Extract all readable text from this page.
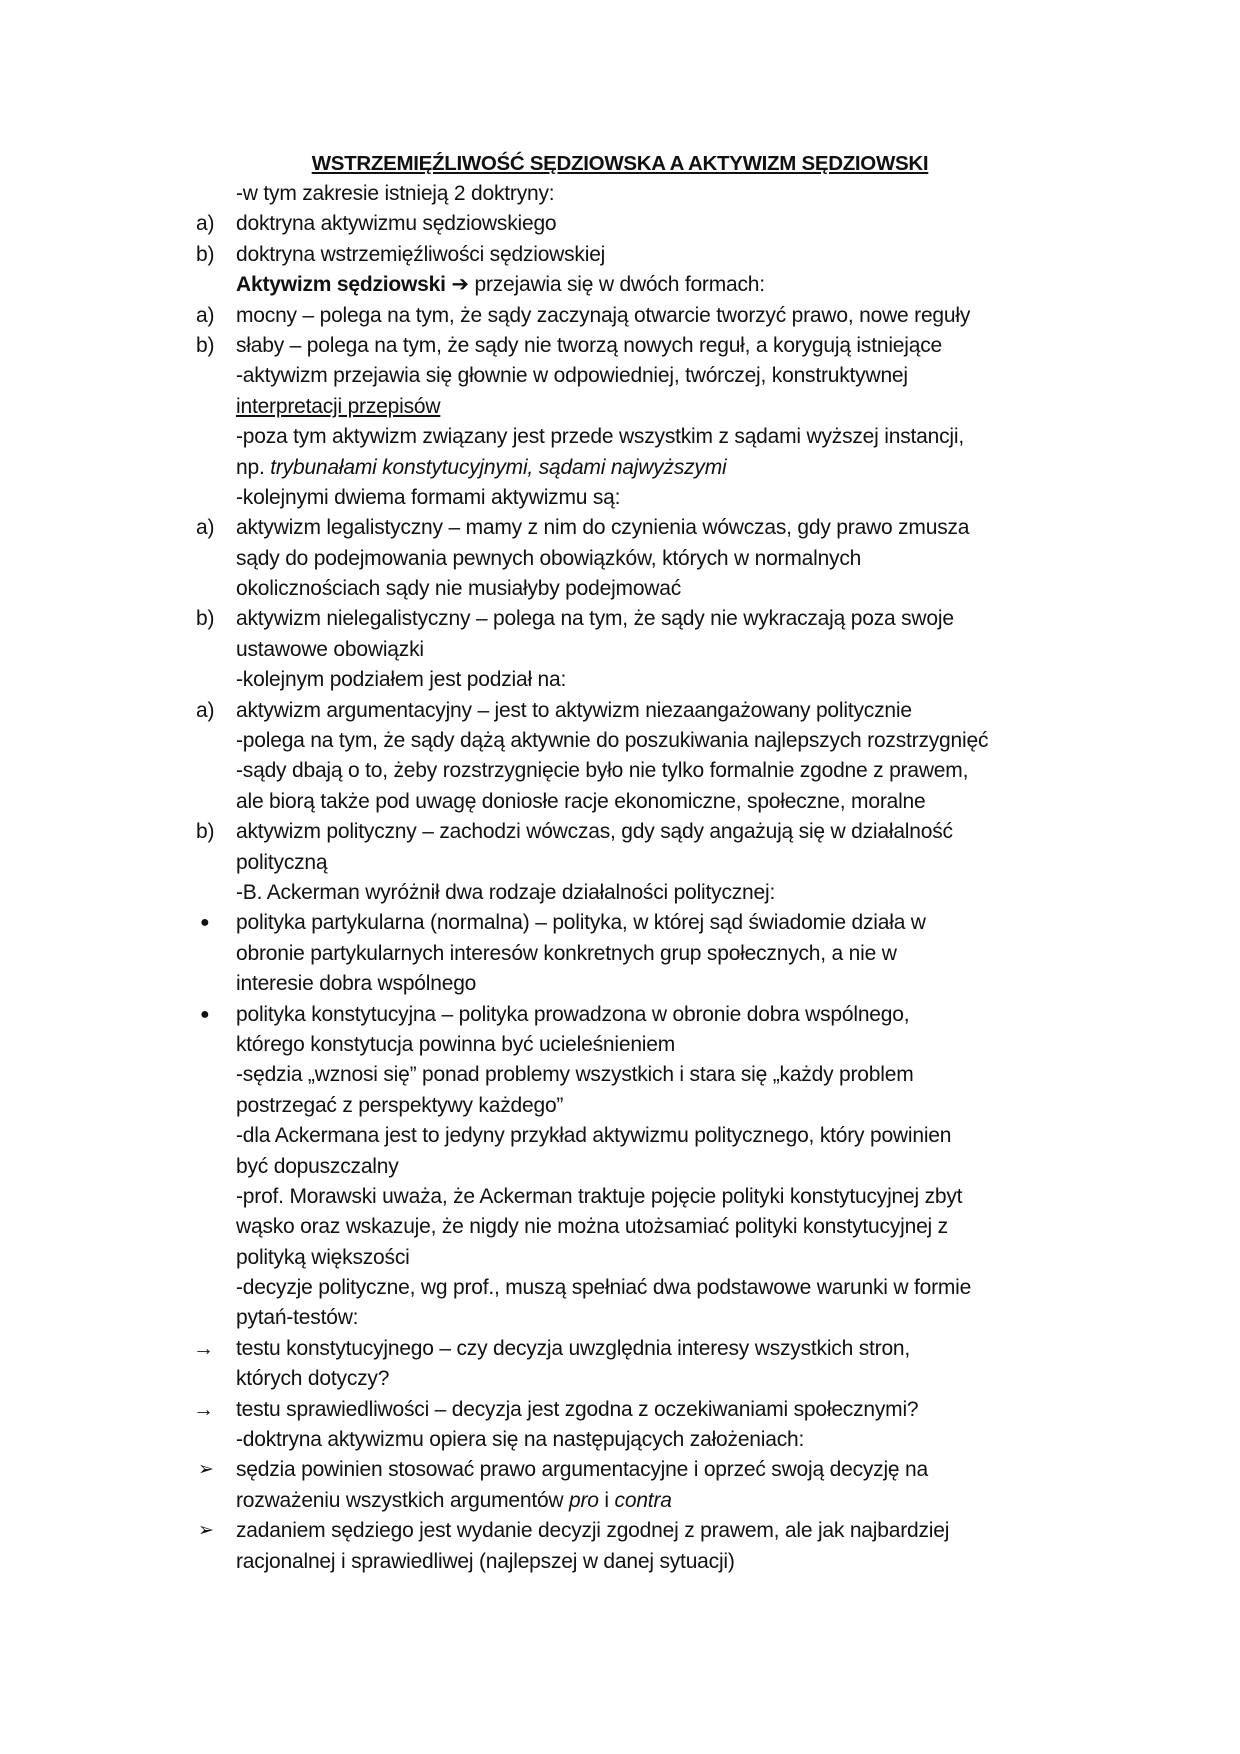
WSTRZEMIĘŹLIWOŚĆ SĘDZIOWSKA A AKTYWIZM SĘDZIOWSKI
-w tym zakresie istnieją 2 doktryny:
a)	doktryna aktywizmu sędziowskiego
b)	doktryna wstrzemięźliwości sędziowskiej
Aktywizm sędziowski ➔ przejawia się w dwóch formach:
a)	mocny – polega na tym, że sądy zaczynają otwarcie tworzyć prawo, nowe reguły
b)	słaby – polega na tym, że sądy nie tworzą nowych reguł, a korygują istniejące
-aktywizm przejawia się głownie w odpowiedniej, twórczej, konstruktywnej
interpretacji przepisów
-poza tym aktywizm związany jest przede wszystkim z sądami wyższej instancji,
np. trybunałami konstytucyjnymi, sądami najwyższymi
-kolejnymi dwiema formami aktywizmu są:
a)	aktywizm legalistyczny – mamy z nim do czynienia wówczas, gdy prawo zmusza
sądy do podejmowania pewnych obowiązków, których w normalnych
okolicznościach sądy nie musiałyby podejmować
b)	aktywizm nielegalistyczny – polega na tym, że sądy nie wykraczają poza swoje
ustawowe obowiązki
-kolejnym podziałem jest podział na:
a)	aktywizm argumentacyjny – jest to aktywizm niezaangażowany politycznie
-polega na tym, że sądy dążą aktywnie do poszukiwania najlepszych rozstrzygnięć
-sądy dbają o to, żeby rozstrzygnięcie było nie tylko formalnie zgodne z prawem,
ale biorą także pod uwagę doniosłe racje ekonomiczne, społeczne, moralne
b)	aktywizm polityczny – zachodzi wówczas, gdy sądy angażują się w działalność
polityczną
-B. Ackerman wyróżnił dwa rodzaje działalności politycznej:
●	polityka partykularna (normalna) – polityka, w której sąd świadomie działa w
obronie partykularnych interesów konkretnych grup społecznych, a nie w
interesie dobra wspólnego
●	polityka konstytucyjna – polityka prowadzona w obronie dobra wspólnego,
którego konstytucja powinna być ucieleśnieniem
-sędzia „wznosi się” ponad problemy wszystkich i stara się „każdy problem
postrzegać z perspektywy każdego”
-dla Ackermana jest to jedyny przykład aktywizmu politycznego, który powinien
być dopuszczalny
-prof. Morawski uważa, że Ackerman traktuje pojęcie polityki konstytucyjnej zbyt
wąsko oraz wskazuje, że nigdy nie można utożsamiać polityki konstytucyjnej z
polityką większości
-decyzje polityczne, wg prof., muszą spełniać dwa podstawowe warunki w formie
pytań-testów:
→	testu konstytucyjnego – czy decyzja uwzględnia interesy wszystkich stron,
których dotyczy?
→	testu sprawiedliwości – decyzja jest zgodna z oczekiwaniami społecznymi?
-doktryna aktywizmu opiera się na następujących założeniach:
➢	sędzia powinien stosować prawo argumentacyjne i oprzeć swoją decyzję na
rozważeniu wszystkich argumentów pro i contra
➢	zadaniem sędziego jest wydanie decyzji zgodnej z prawem, ale jak najbardziej
racjonalnej i sprawiedliwej (najlepszej w danej sytuacji)
